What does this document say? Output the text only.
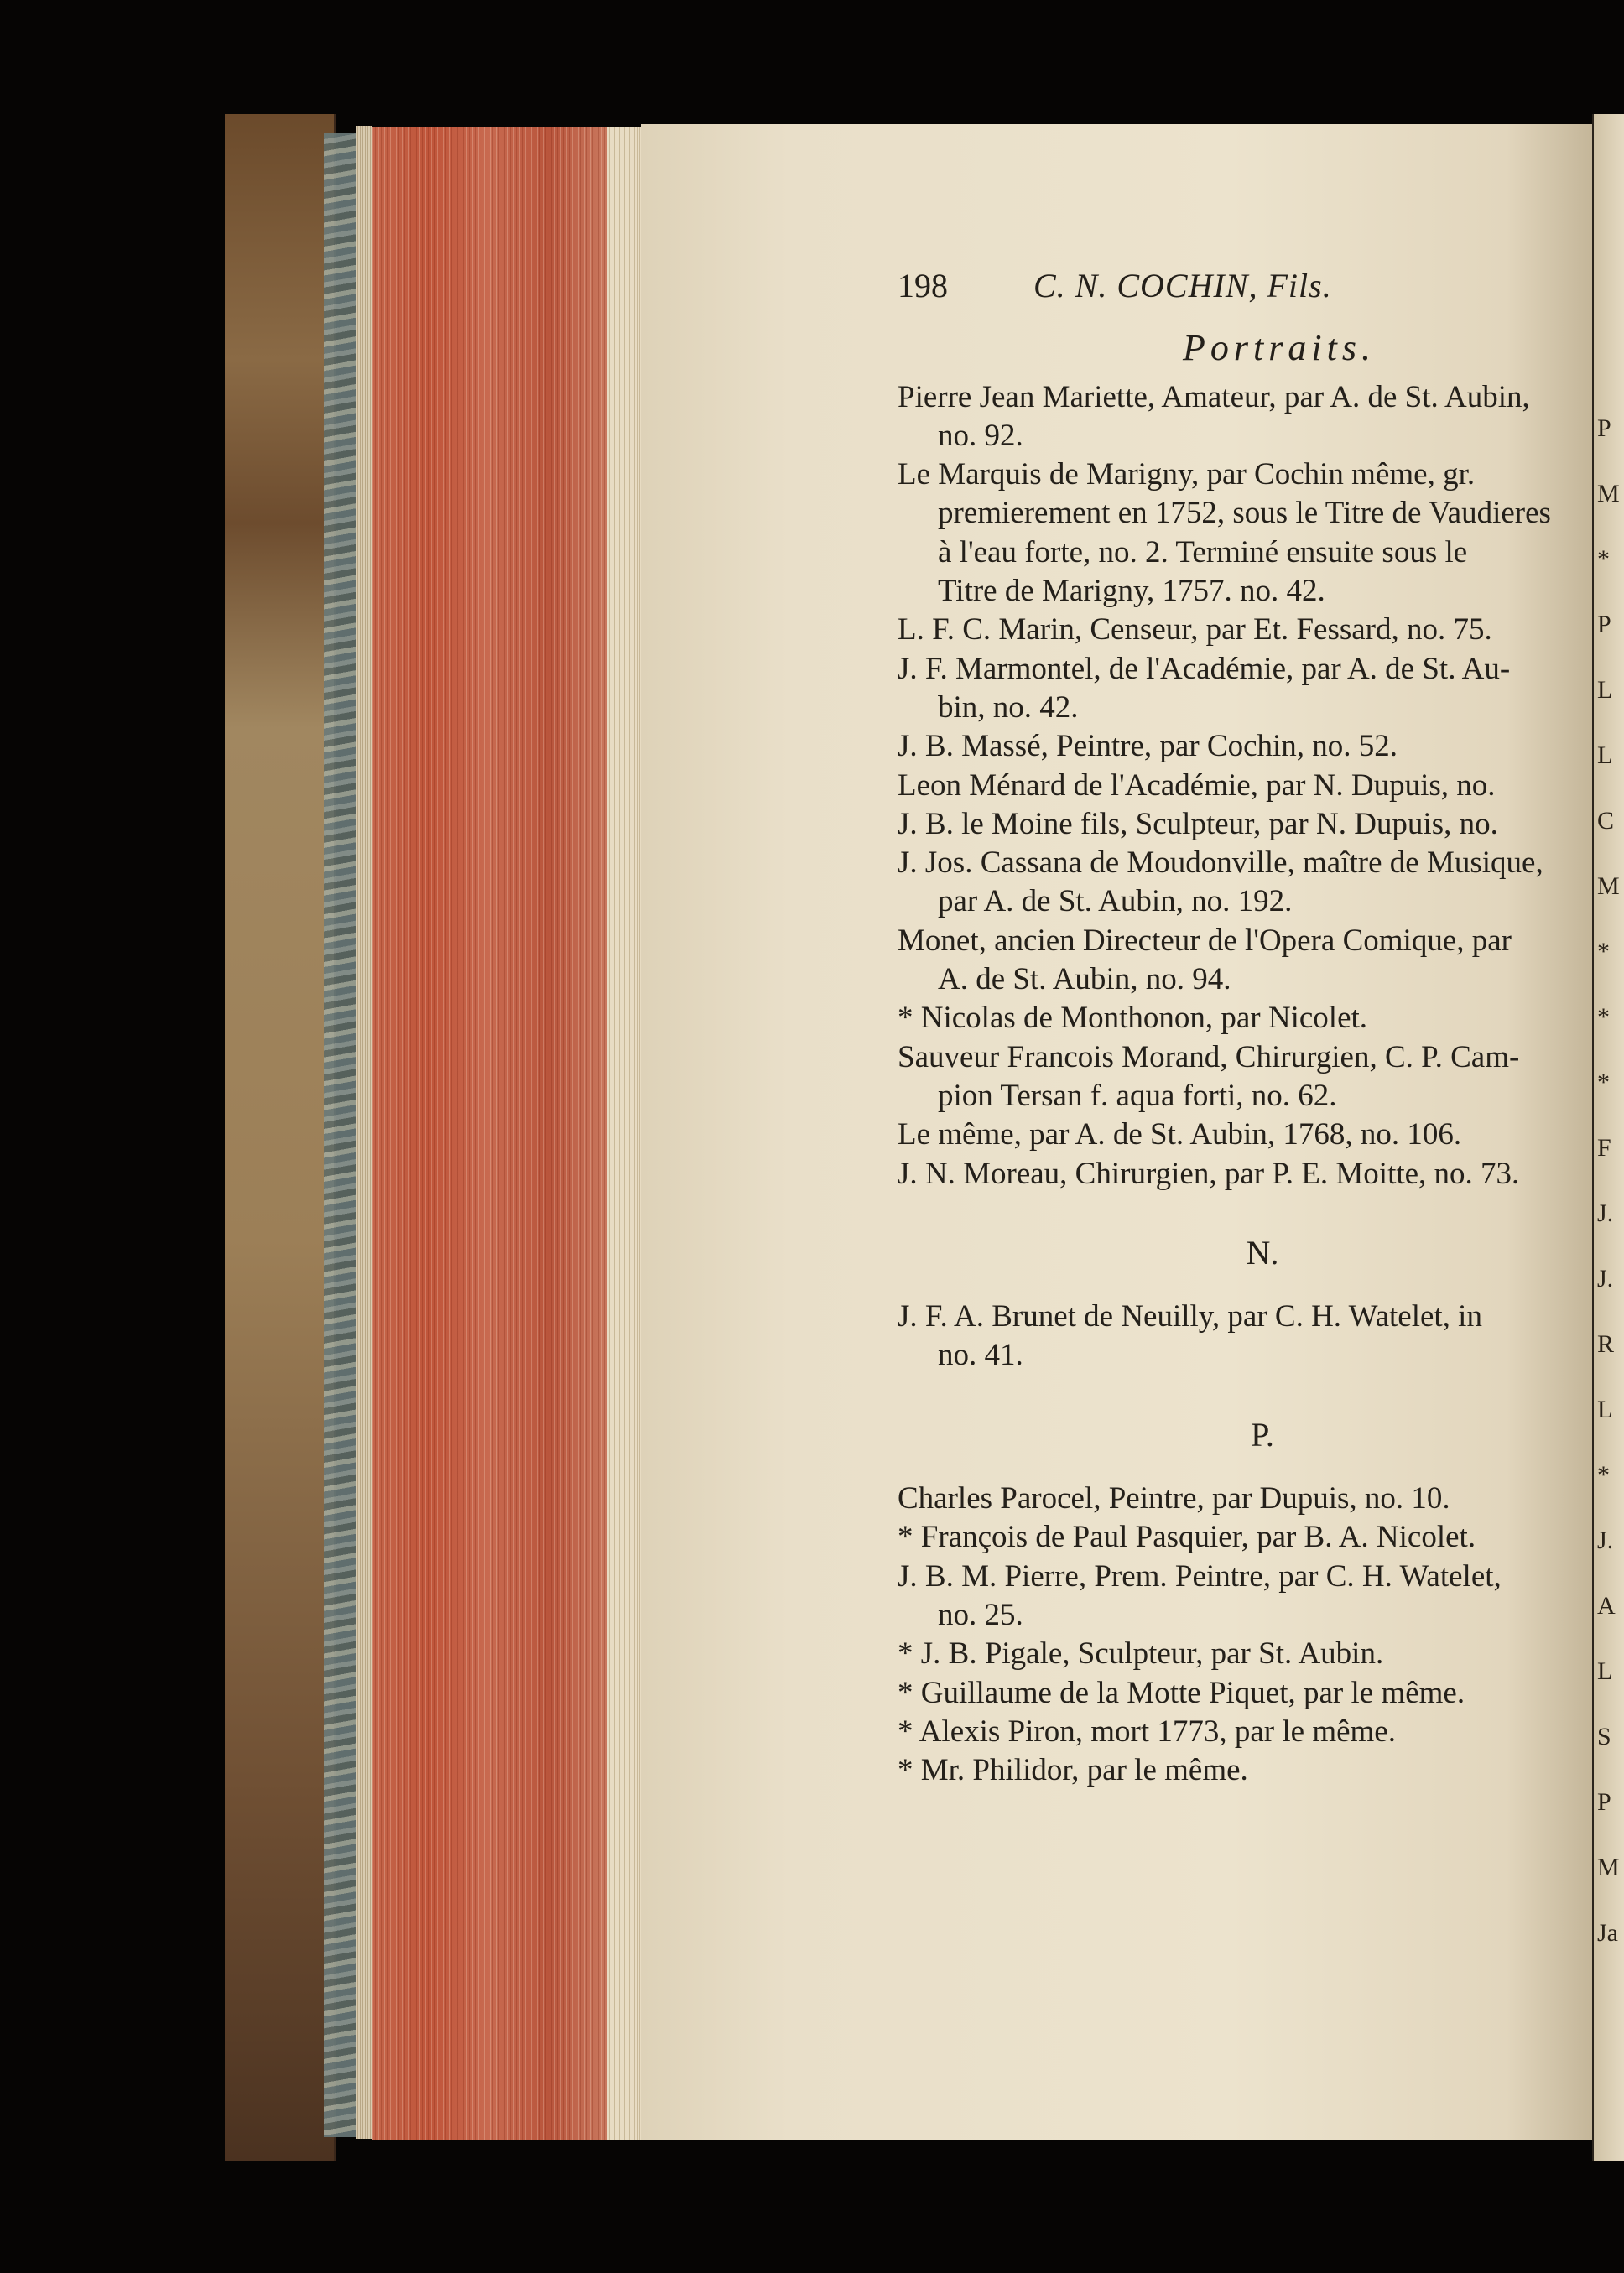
P
M
*
P
L
L
C
M
*
*
*
F
J.
J.
R
L
*
J.
A
L
S
P
M
Ja
198	C. N. COCHIN, Fils.
Portraits.
Pierre Jean Mariette, Amateur, par A. de St. Aubin,
no. 92.
Le Marquis de Marigny, par Cochin même, gr.
premierement en 1752, sous le Titre de Vaudieres
à l'eau forte, no. 2. Terminé ensuite sous le
Titre de Marigny, 1757. no. 42.
L. F. C. Marin, Censeur, par Et. Fessard, no. 75.
J. F. Marmontel, de l'Académie, par A. de St. Au-
bin, no. 42.
J. B. Massé, Peintre, par Cochin, no. 52.
Leon Ménard de l'Académie, par N. Dupuis, no.
J. B. le Moine fils, Sculpteur, par N. Dupuis, no.
J. Jos. Cassana de Moudonville, maître de Musique,
par A. de St. Aubin, no. 192.
Monet, ancien Directeur de l'Opera Comique, par
A. de St. Aubin, no. 94.
* Nicolas de Monthonon, par Nicolet.
Sauveur Francois Morand, Chirurgien, C. P. Cam-
pion Tersan f. aqua forti, no. 62.
Le même, par A. de St. Aubin, 1768, no. 106.
J. N. Moreau, Chirurgien, par P. E. Moitte, no. 73.
N.
J. F. A. Brunet de Neuilly, par C. H. Watelet, in
no. 41.
P.
Charles Parocel, Peintre, par Dupuis, no. 10.
* François de Paul Pasquier, par B. A. Nicolet.
J. B. M. Pierre, Prem. Peintre, par C. H. Watelet,
no. 25.
* J. B. Pigale, Sculpteur, par St. Aubin.
* Guillaume de la Motte Piquet, par le même.
* Alexis Piron, mort 1773, par le même.
* Mr. Philidor, par le même.
